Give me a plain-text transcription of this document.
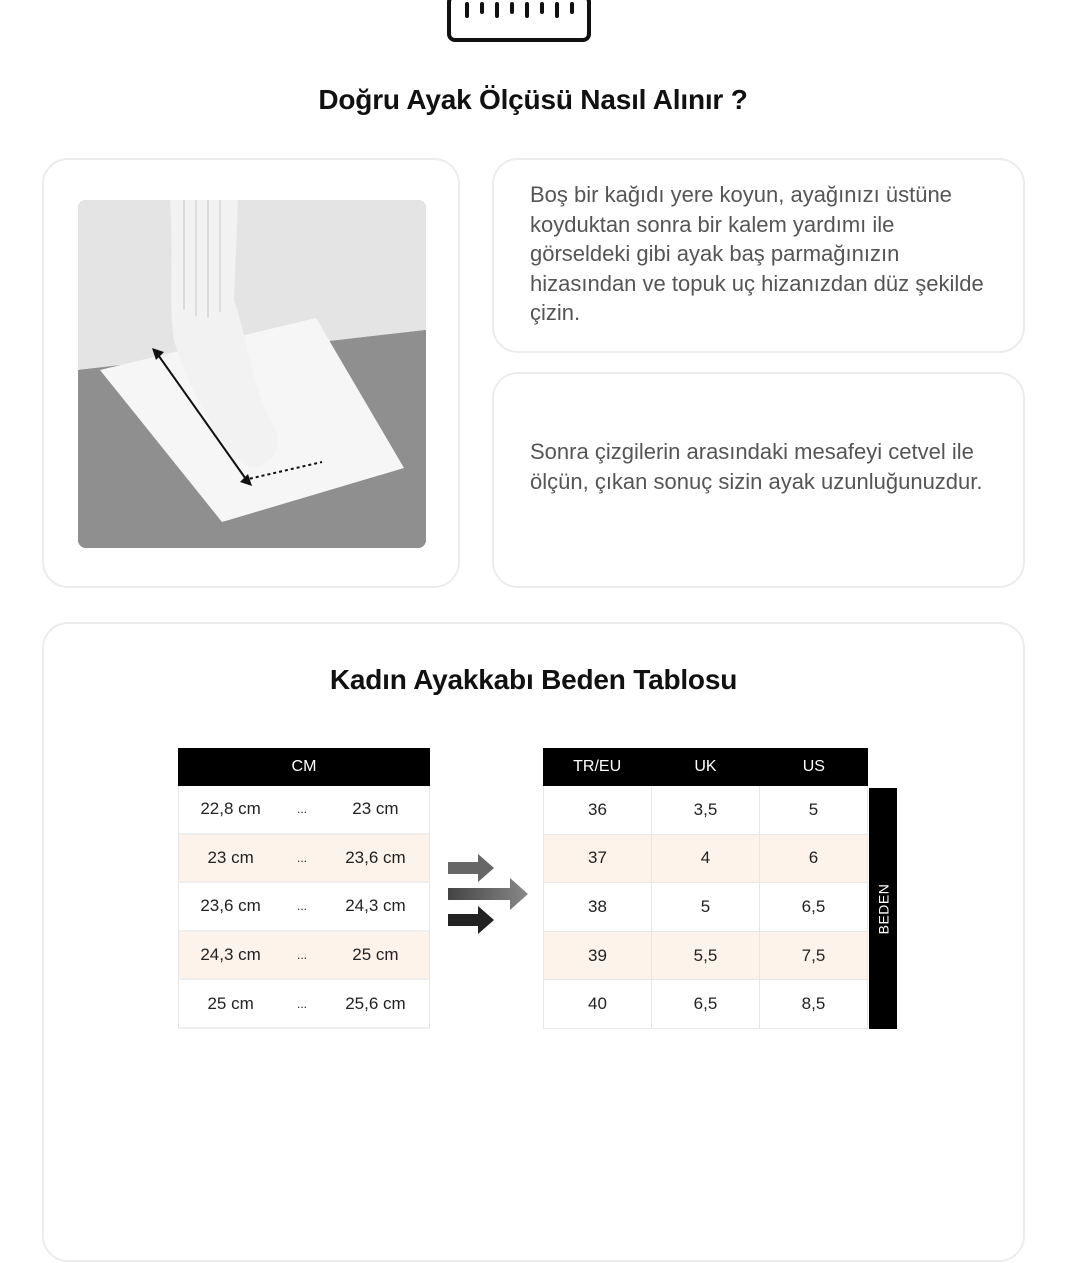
Doğru Ayak Ölçüsü Nasıl Alınır ?

Boş bir kağıdı yere koyun, ayağınızı üstüne koyduktan sonra bir kalem yardımı ile görseldeki gibi ayak baş parmağınızın hizasından ve topuk uç hizanızdan düz şekilde çizin.

Sonra çizgilerin arasındaki mesafeyi cetvel ile ölçün, çıkan sonuç sizin ayak uzunluğunuzdur.

Kadın Ayakkabı Beden Tablosu
CM
22,8 cm	...	23 cm
23 cm	...	23,6 cm
23,6 cm	...	24,3 cm
24,3 cm	...	25 cm
25 cm	...	25,6 cm
TR/EU	UK	US
36	3,5	5
37	4	6
38	5	6,5
39	5,5	7,5
40	6,5	8,5
BEDEN
